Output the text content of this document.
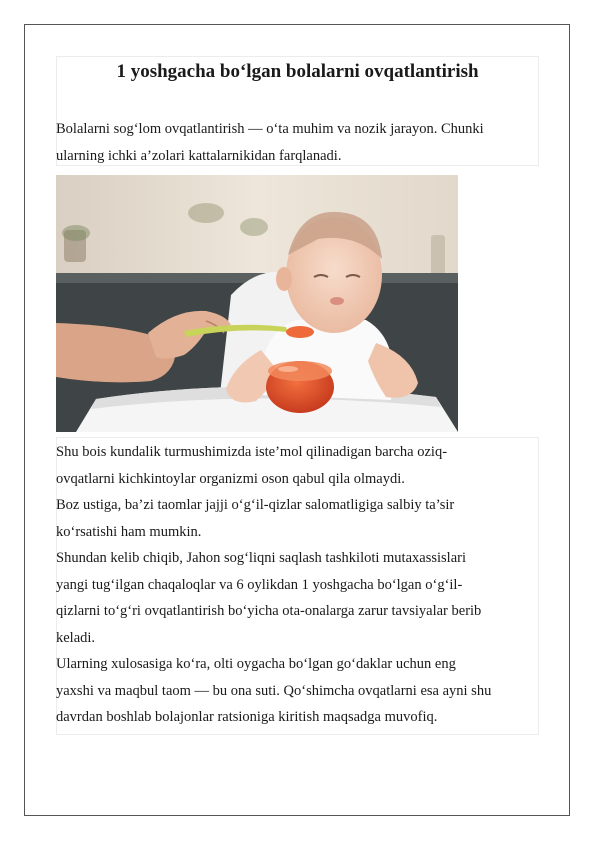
1 yoshgacha bo‘lgan bolalarni ovqatlantirish
Bolalarni sog‘lom ovqatlantirish — o‘ta muhim va nozik jarayon. Chunki
ularning ichki a’zolari kattalarnikidan farqlanadi.
Shu bois kundalik turmushimizda iste’mol qilinadigan barcha oziq-
ovqatlarni kichkintoylar organizmi oson qabul qila olmaydi.
Boz ustiga, ba’zi taomlar jajji o‘g‘il-qizlar salomatligiga salbiy ta’sir
ko‘rsatishi ham mumkin.
Shundan kelib chiqib, Jahon sog‘liqni saqlash tashkiloti mutaxassislari
yangi tug‘ilgan chaqaloqlar va 6 oylikdan 1 yoshgacha bo‘lgan o‘g‘il-
qizlarni to‘g‘ri ovqatlantirish bo‘yicha ota-onalarga zarur tavsiyalar berib
keladi.
Ularning xulosasiga ko‘ra, olti oygacha bo‘lgan go‘daklar uchun eng
yaxshi va maqbul taom — bu ona suti. Qo‘shimcha ovqatlarni esa ayni shu
davrdan boshlab bolajonlar ratsioniga kiritish maqsadga muvofiq.
